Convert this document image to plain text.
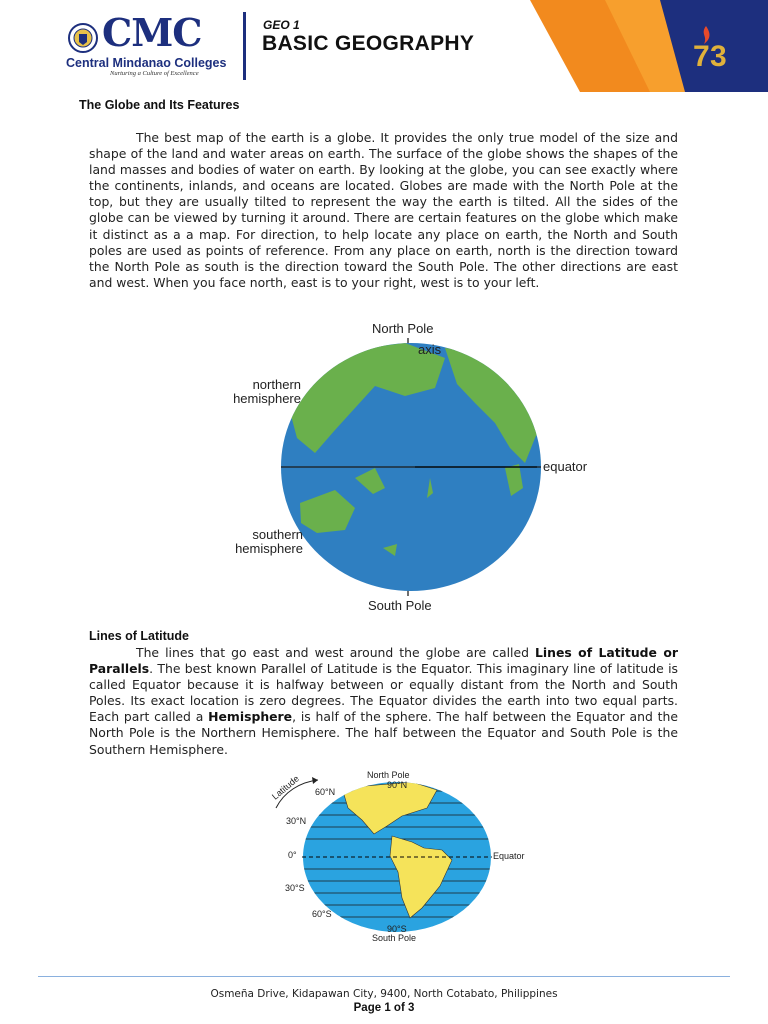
CMC
Central Mindanao Colleges
Nurturing a Culture of Excellence
GEO 1
BASIC GEOGRAPHY	7 3
The Globe and Its Features
The best map of the earth is a globe. It provides the only true model of the size and shape of the land and water areas on earth. The surface of the globe shows the shapes of the land masses and bodies of water on earth. By looking at the globe, you can see exactly where the continents, inlands, and oceans are located. Globes are made with the North Pole at the top, but they are usually tilted to represent the way the earth is tilted. All the sides of the globe can be viewed by turning it around. There are certain features on the globe which make it distinct as a a map. For direction, to help locate any place on earth, the North and South poles are used as points of reference. From any place on earth, north is the direction toward the North Pole as south is the direction toward the South Pole. The other directions are east and west. When you face north, east is to your right, west is to your left.
North Pole
axis
northern
hemisphere
equator
southern
hemisphere
South Pole
Lines of Latitude
The lines that go east and west around the globe are called Lines of Latitude or Parallels. The best known Parallel of Latitude is the Equator. This imaginary line of latitude is called Equator because it is halfway between or equally distant from the North and South Poles. Its exact location is zero degrees. The Equator divides the earth into two equal parts. Each part called a Hemisphere, is half of the sphere. The half between the Equator and the North Pole is the Northern Hemisphere. The half between the Equator and South Pole is the Southern Hemisphere.
North Pole
90°N
60°N
30°N
0°
30°S
60°S
90°S
South Pole
Equator
Latitude
Osmeña Drive, Kidapawan City, 9400, North Cotabato, Philippines
Page 1 of 3
